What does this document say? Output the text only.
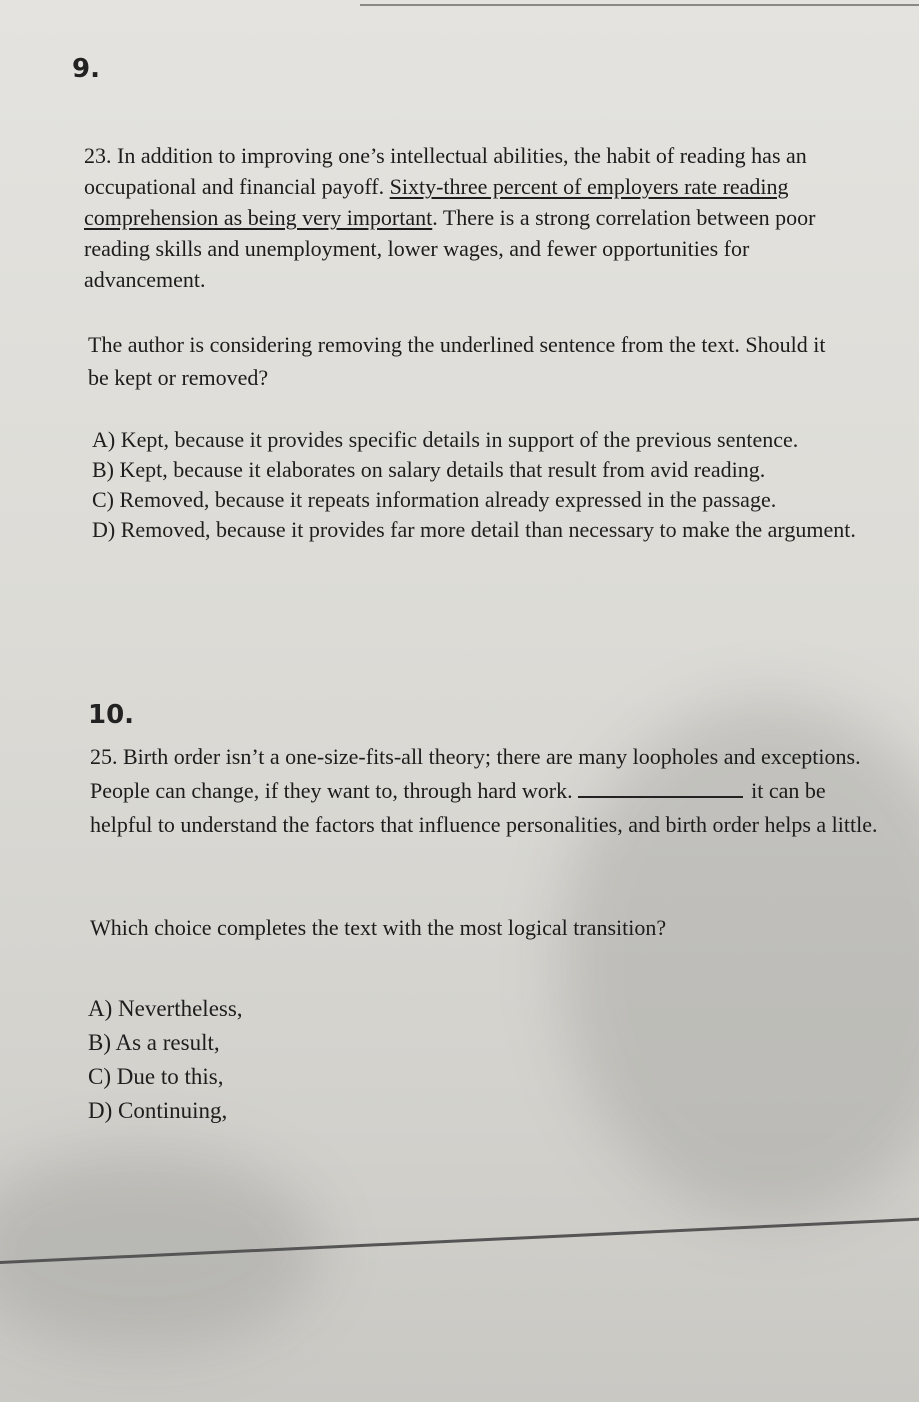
9.

23. In addition to improving one’s intellectual abilities, the habit of reading has an occupational and financial payoff. Sixty-three percent of employers rate reading comprehension as being very important. There is a strong correlation between poor reading skills and unemployment, lower wages, and fewer opportunities for advancement.

The author is considering removing the underlined sentence from the text. Should it be kept or removed?

A) Kept, because it provides specific details in support of the previous sentence.
B) Kept, because it elaborates on salary details that result from avid reading.
C) Removed, because it repeats information already expressed in the passage.
D) Removed, because it provides far more detail than necessary to make the argument.
10.

25. Birth order isn’t a one-size-fits-all theory; there are many loopholes and exceptions. People can change, if they want to, through hard work.	it can be helpful to understand the factors that influence personalities, and birth order helps a little.

Which choice completes the text with the most logical transition?

A) Nevertheless,
B) As a result,
C) Due to this,
D) Continuing,
